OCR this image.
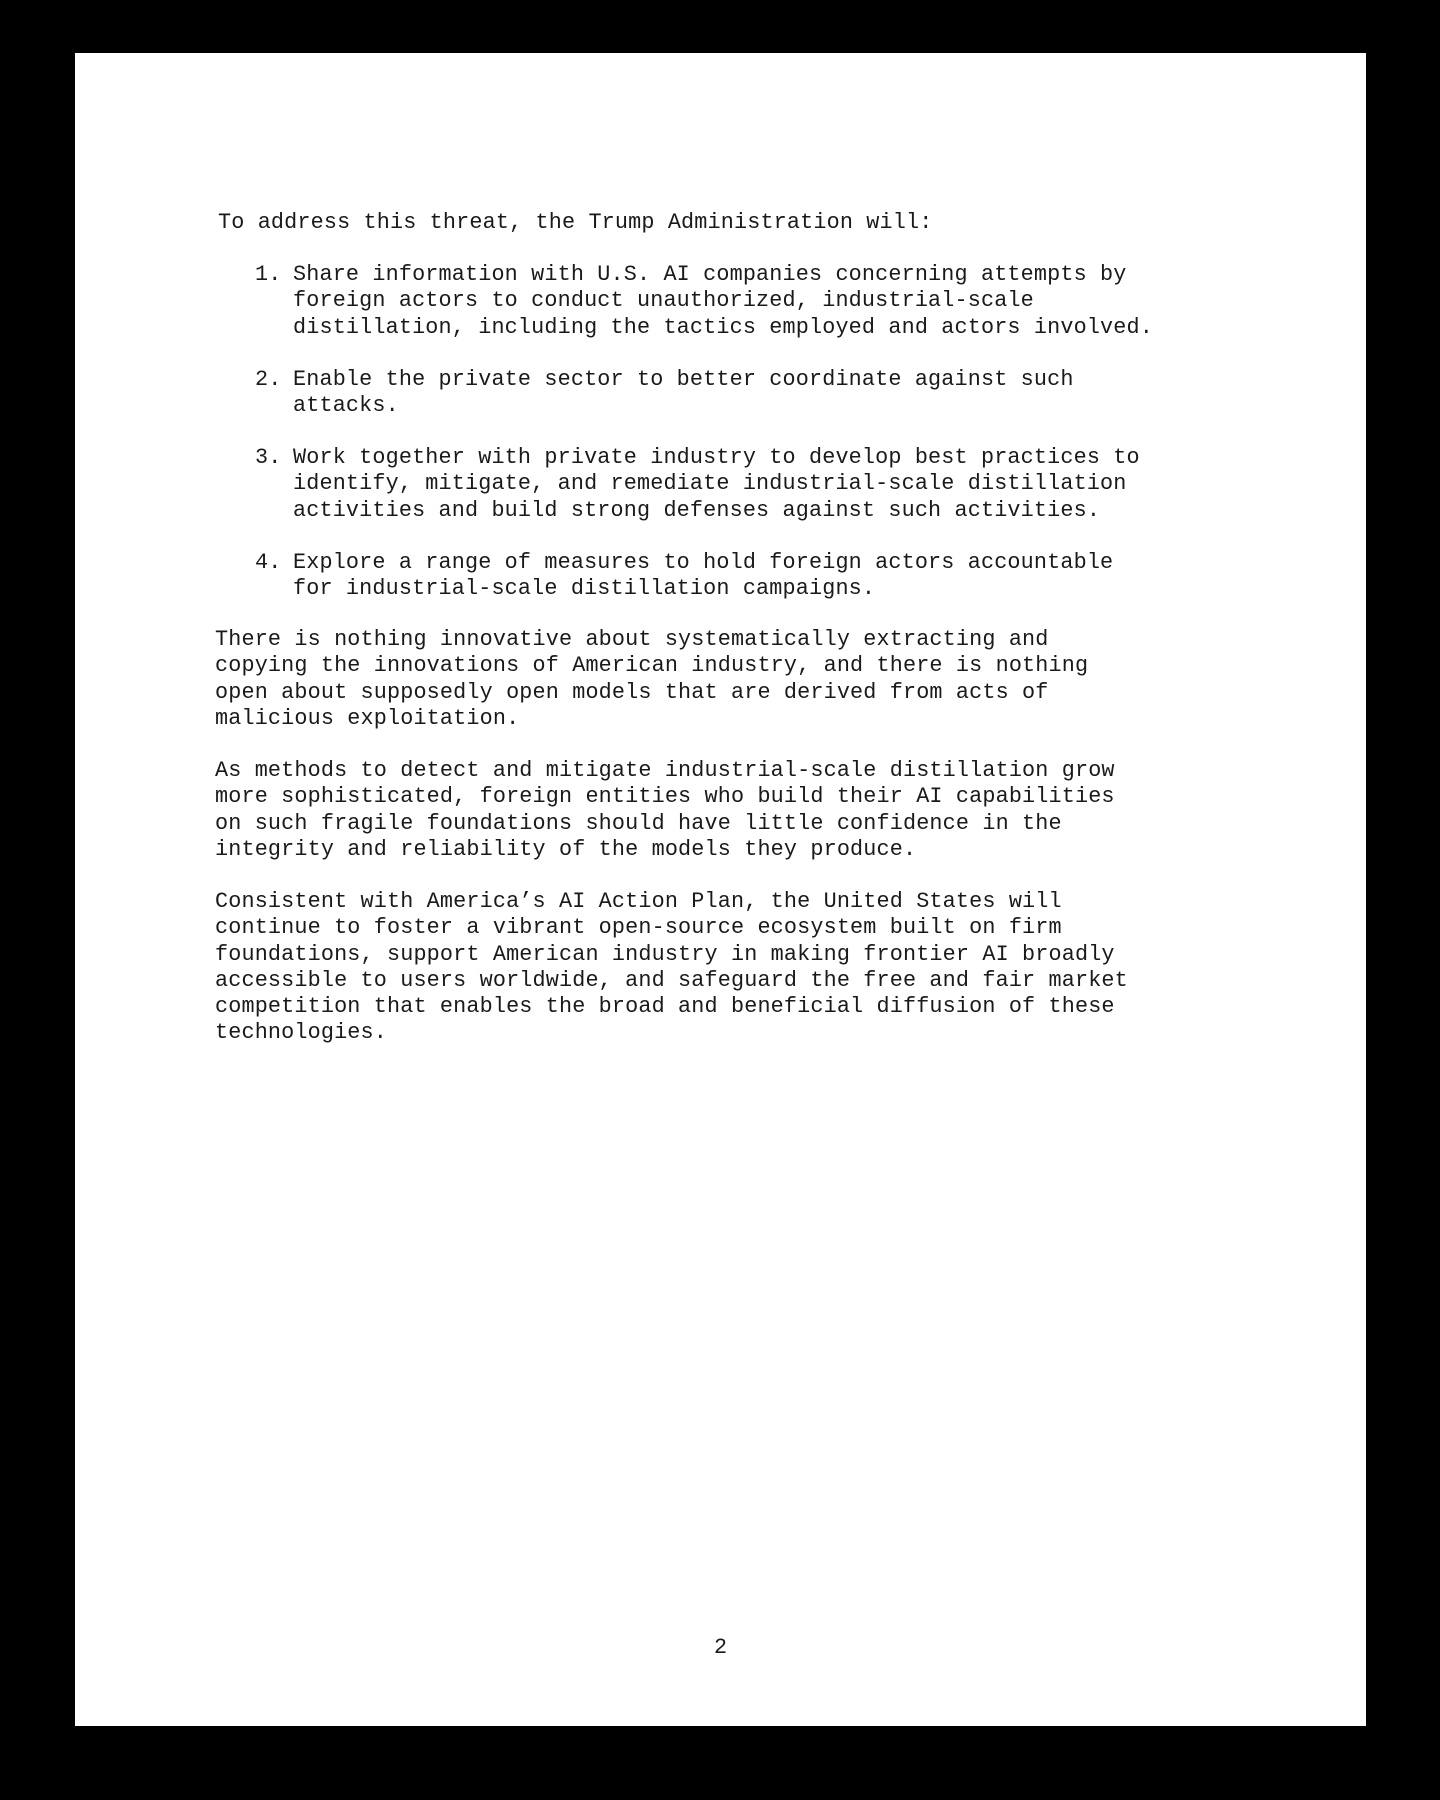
To address this threat, the Trump Administration will:

1. Share information with U.S. AI companies concerning attempts by
foreign actors to conduct unauthorized, industrial-scale
distillation, including the tactics employed and actors involved.
2. Enable the private sector to better coordinate against such
attacks.
3. Work together with private industry to develop best practices to
identify, mitigate, and remediate industrial-scale distillation
activities and build strong defenses against such activities.
4. Explore a range of measures to hold foreign actors accountable
for industrial-scale distillation campaigns.

There is nothing innovative about systematically extracting and
copying the innovations of American industry, and there is nothing
open about supposedly open models that are derived from acts of
malicious exploitation.

As methods to detect and mitigate industrial-scale distillation grow
more sophisticated, foreign entities who build their AI capabilities
on such fragile foundations should have little confidence in the
integrity and reliability of the models they produce.

Consistent with America’s AI Action Plan, the United States will
continue to foster a vibrant open-source ecosystem built on firm
foundations, support American industry in making frontier AI broadly
accessible to users worldwide, and safeguard the free and fair market
competition that enables the broad and beneficial diffusion of these
technologies.

2
